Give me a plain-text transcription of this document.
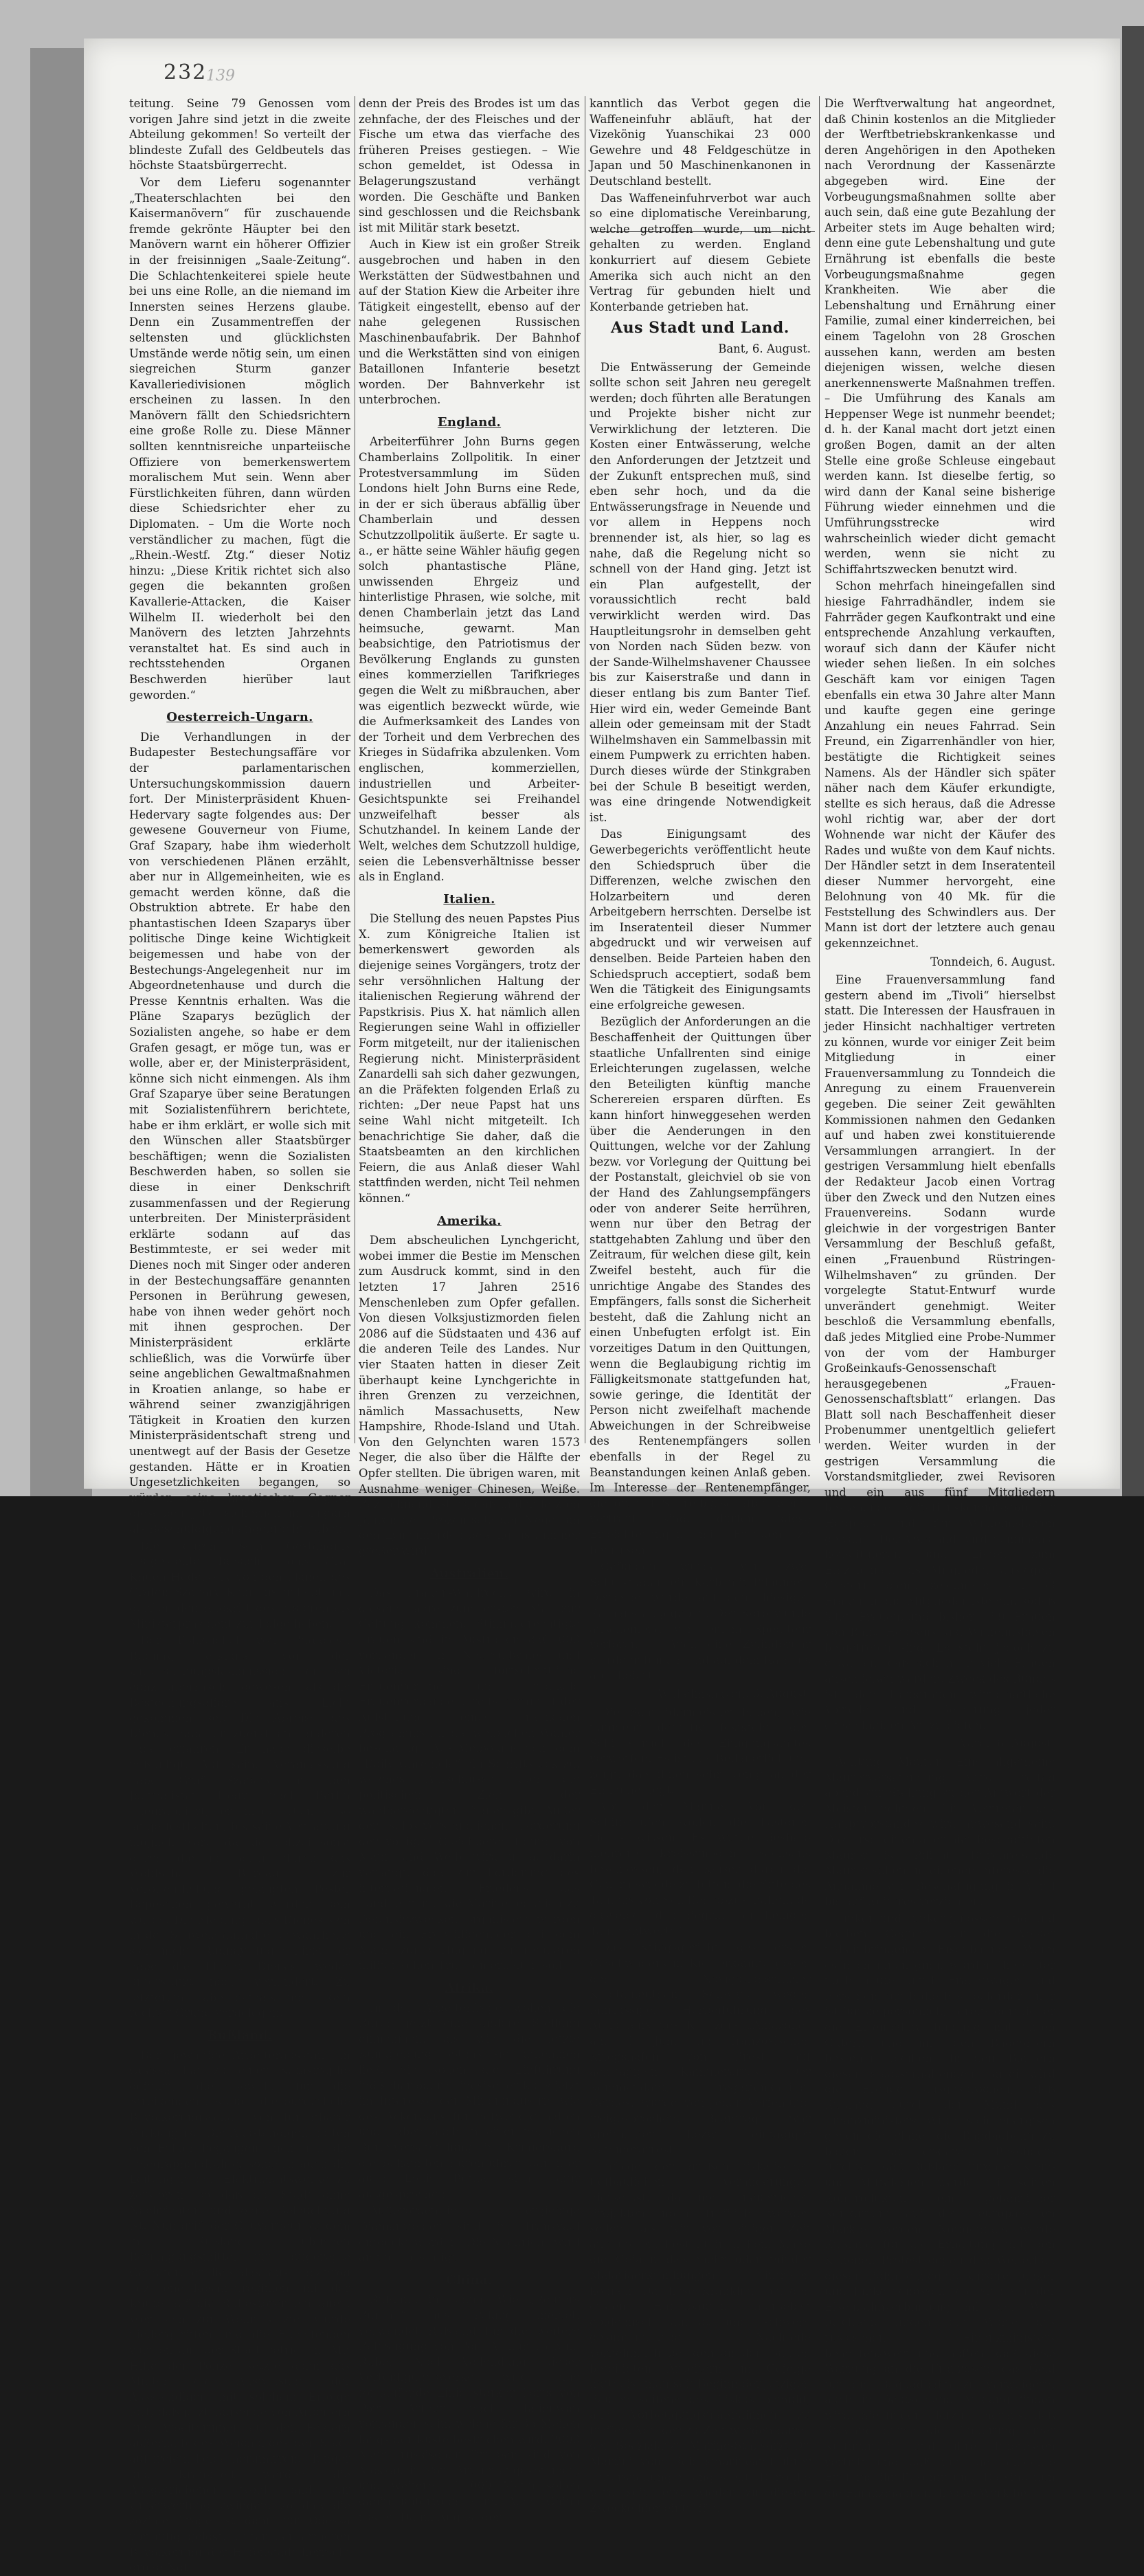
232
139

teitung. Seine 79 Genossen vom vorigen Jahre sind jetzt in die zweite Abteilung gekommen! So verteilt der blindeste Zufall des Geldbeutels das höchste Staatsbürgerrecht.

Vor dem Lieferu sogenannter „Theaterschlachten bei den Kaisermanövern“ für zuschauende fremde gekrönte Häupter bei den Manövern warnt ein höherer Offizier in der freisinnigen „Saale-Zeitung“. Die Schlachtenkeiterei spiele heute bei uns eine Rolle, an die niemand im Innersten seines Herzens glaube. Denn ein Zusammentreffen der seltensten und glücklichsten Umstände werde nötig sein, um einen siegreichen Sturm ganzer Kavalleriedivisionen möglich erscheinen zu lassen. In den Manövern fällt den Schiedsrichtern eine große Rolle zu. Diese Männer sollten kenntnisreiche unparteiische Offiziere von bemerkenswertem moralischem Mut sein. Wenn aber Fürstlichkeiten führen, dann würden diese Schiedsrichter eher zu Diplomaten. – Um die Worte noch verständlicher zu machen, fügt die „Rhein.-Westf. Ztg.“ dieser Notiz hinzu: „Diese Kritik richtet sich also gegen die bekannten großen Kavallerie-Attacken, die Kaiser Wilhelm II. wiederholt bei den Manövern des letzten Jahrzehnts veranstaltet hat. Es sind auch in rechtsstehenden Organen Beschwerden hierüber laut geworden.“

Oesterreich-Ungarn.

Die Verhandlungen in der Budapester Bestechungsaffäre vor der parlamentarischen Untersuchungskommission dauern fort. Der Ministerpräsident Khuen-Hedervary sagte folgendes aus: Der gewesene Gouverneur von Fiume, Graf Szapary, habe ihm wiederholt von verschiedenen Plänen erzählt, aber nur in Allgemeinheiten, wie es gemacht werden könne, daß die Obstruktion abtrete. Er habe den phantastischen Ideen Szaparys über politische Dinge keine Wichtigkeit beigemessen und habe von der Bestechungs-Angelegenheit nur im Abgeordnetenhause und durch die Presse Kenntnis erhalten. Was die Pläne Szaparys bezüglich der Sozialisten angehe, so habe er dem Grafen gesagt, er möge tun, was er wolle, aber er, der Ministerpräsident, könne sich nicht einmengen. Als ihm Graf Szaparye über seine Beratungen mit Sozialistenführern berichtete, habe er ihm erklärt, er wolle sich mit den Wünschen aller Staatsbürger beschäftigen; wenn die Sozialisten Beschwerden haben, so sollen sie diese in einer Denkschrift zusammenfassen und der Regierung unterbreiten. Der Ministerpräsident erklärte sodann auf das Bestimmteste, er sei weder mit Dienes noch mit Singer oder anderen in der Bestechungsaffäre genannten Personen in Berührung gewesen, habe von ihnen weder gehört noch mit ihnen gesprochen. Der Ministerpräsident erklärte schließlich, was die Vorwürfe über seine angeblichen Gewaltmaßnahmen in Kroatien anlange, so habe er während seiner zwanzigjährigen Tätigkeit in Kroatien den kurzen Ministerpräsidentschaft streng und unentwegt auf der Basis der Gesetze gestanden. Hätte er in Kroatien Ungesetzlichkeiten begangen, so würden seine kroatischen Gegner dieselben jetzt sicherlich in Ungarn als Beschuldigung angebracht haben.

Die durch sein Geständnis festgestellte Tatsache, daß Graf Khuen Hedervary von den Plänen des Grafen Szapary Kenntnis gehabt hat, dürften den Rückritt des ersteren als Ministerpräsident zur Folge haben.

Der Polizeichef von Budapest, Rudnay, erklärte vor der Untersuchungskommission, er sei ganz überrascht gewesen, als die Bestechungsaffäre ans Licht gekommen sei. Die Abreise des Dienes habe er zuerst am anderen Tage erfahren. Er habe dieselbe mißbilligt. Auf seine Veranlassung habe Graf Szapary an den Journalisten Hegyi nach Berlin telegraphiert, er möge Dienes so lange festhalten, bis seine Verhaftung möglich wäre, da die Polizei sonst durch die in Berlin durch das Wolffsche Bureau zur Veröffentlichung gelangten Pester Depeschen gewarnt worden sein würde. Die Meldung, daß Dienes sich in der Schweiz aufhalte, bewahrheite sich nicht. Rudnay fügte hinzu, er habe die Flucht Dienes' weder unterstützt noch verhindert. Zu letzterem habe damals noch kein rechter Grund vorgelegen.

Rußland.

Der gewaltige Arbeiterausstand in Odessa hat zu einer Katastrophe geführt, die sowohl für die Streikenden als auch die bürgerliche Bevölkerungsschaft von furchtbarer Wirkung ist. Die Ausständigen hatten den Fehler begangen, nicht nur die Telegraphendrähte, sondern auch die Leitungen der Elektrizitätswerke zu zerstören, so daß die Stadt ohne Nachrichten und ohne Beleuchtung ist. Nun griff der Gouverneur zu dem in Rußland üblichen Beruhigungsmittel für aufgeregte Gemüter: er ließ das aus Taganrog bezogene Kosakenregiment mit der Knute auf die Ruhestörer einhauen. Wer sich zur Wehr setzte, wurde niedergeritten und die Flüchtenden wurden aus der Stadt getrieben. Mit Hilfe der Polizei setzte dann das Militär die Ausweisung der Ausständigen mit solchem Erfolge fort, daß jetzt Tausende von Arbeitern und Arbeiterinnen auf den Feldern außerhalb des Weichbildes der Stadt auf freiem Felde herumirren. Hunger und Krankheit werden die Ausgetriebenen wohl bald zur Unterwerfung zwingen, so daß die soziale Frage ist dann für Odessa vorläufig gelöst. Unter der ärmeren Bevölkerung der Hafenstadt herrscht große Not,

denn der Preis des Brodes ist um das zehnfache, der des Fleisches und der Fische um etwa das vierfache des früheren Preises gestiegen. – Wie schon gemeldet, ist Odessa in Belagerungszustand verhängt worden. Die Geschäfte und Banken sind geschlossen und die Reichsbank ist mit Militär stark besetzt.

Auch in Kiew ist ein großer Streik ausgebrochen und haben in den Werkstätten der Südwestbahnen und auf der Station Kiew die Arbeiter ihre Tätigkeit eingestellt, ebenso auf der nahe gelegenen Russischen Maschinenbaufabrik. Der Bahnhof und die Werkstätten sind von einigen Bataillonen Infanterie besetzt worden. Der Bahnverkehr ist unterbrochen.

England.

Arbeiterführer John Burns gegen Chamberlains Zollpolitik. In einer Protestversammlung im Süden Londons hielt John Burns eine Rede, in der er sich überaus abfällig über Chamberlain und dessen Schutzzollpolitik äußerte. Er sagte u. a., er hätte seine Wähler häufig gegen solch phantastische Pläne, unwissenden Ehrgeiz und hinterlistige Phrasen, wie solche, mit denen Chamberlain jetzt das Land heimsuche, gewarnt. Man beabsichtige, den Patriotismus der Bevölkerung Englands zu gunsten eines kommerziellen Tarifkrieges gegen die Welt zu mißbrauchen, aber was eigentlich bezweckt würde, wie die Aufmerksamkeit des Landes von der Torheit und dem Verbrechen des Krieges in Südafrika abzulenken. Vom englischen, kommerziellen, industriellen und Arbeiter-Gesichtspunkte sei Freihandel unzweifelhaft besser als Schutzhandel. In keinem Lande der Welt, welches dem Schutzzoll huldige, seien die Lebensverhältnisse besser als in England.

Italien.

Die Stellung des neuen Papstes Pius X. zum Königreiche Italien ist bemerkenswert geworden als diejenige seines Vorgängers, trotz der sehr versöhnlichen Haltung der italienischen Regierung während der Papstkrisis. Pius X. hat nämlich allen Regierungen seine Wahl in offizieller Form mitgeteilt, nur der italienischen Regierung nicht. Ministerpräsident Zanardelli sah sich daher gezwungen, an die Präfekten folgenden Erlaß zu richten: „Der neue Papst hat uns seine Wahl nicht mitgeteilt. Ich benachrichtige Sie daher, daß die Staatsbeamten an den kirchlichen Feiern, die aus Anlaß dieser Wahl stattfinden werden, nicht Teil nehmen können.“

Amerika.

Dem abscheulichen Lynchgericht, wobei immer die Bestie im Menschen zum Ausdruck kommt, sind in den letzten 17 Jahren 2516 Menschenleben zum Opfer gefallen. Von diesen Volksjustizmorden fielen 2086 auf die Südstaaten und 436 auf die anderen Teile des Landes. Nur vier Staaten hatten in dieser Zeit überhaupt keine Lynchgerichte in ihren Grenzen zu verzeichnen, nämlich Massachusetts, New Hampshire, Rhode-Island und Utah. Von den Gelynchten waren 1573 Neger, die also über die Hälfte der Opfer stellten. Die übrigen waren, mit Ausnahme weniger Chinesen, Weiße. Bezeichnend ist es, daß in den letzten Jahren der Prozentsatz der Neger an den Lynchmorden beteiligt ist, immer größer wird.

Australien.

Das Frauen-Wahlrecht wird in diesem Jahre zum ersten Mal zur Geltung kommen. Stimmberechtigte Frauen sind in Australien 850 000 vorhanden. In Neu-Südwales und Victoria sind fortschrittliche Frauenvereine und radikale Frauenverbände bereits eifrig mit der Aufstellung eines radikalen Programms für die weiblichen Wähler beschäftigt. Aus Melbourne geht dem „Daily Chronicle“ ein Schriftstück zu, welches Aufschlüsse über die politischen Ziele der wahlberechtigten Frauen gibt. Außer der selbstverständlichen Forderung der völligen Gleichberechtigung von Mann und Weib wird u. a. darin verlangt, daß zur Förderung des internationalen Friedens das Landheer und die Marine lediglich zu Defensivzwecken organisiert werden und ein Freiwilligenheer bei dem Mann zur Verfügung der regulären militärischen Truppen erhalten soll.

Afrika.

In der Arbeiterfrage wollen die Buren jetzt eine andere Stellung einnehmen, als wie die letzte Kundgebung Bothas sie annehmen ließ. Sie sollen die Einführung indischer oder chinesischer Kulis jetzt im Interesse der Minenindustrie wie des Ackerbaus für notwendig halten und haben auch in einer neulichen Burenversammlung in Krügersdorp die bekannten Burenführer, darunter auch Louis Botha, sich dafür ausgesprochen.

Außerordentlich ergiebige Diamantfelder sind in Transvaal entdeckt worden. Die Nachricht wird amtlich bestätigt.

China.

Rußland in China. Wie „Reuters Bureau“ aus Peking meldet, verwendet Rußland für die weitere Befestigung von Port Arthur 13 Mill. Rubel. Nach Vollendung dieser Verteidigungswerke wird eine fortlaufende Linie starker Forts von Port Arthur nach Talienwan vorhanden sein, welche für 35 Meilen längs der Küste bestrichen wird. 2000 Mann russischer Truppen sind von Moskau in Port Arthur angekommen, und weitere 14 000 Mann sollen dahin unterwegs sein. Auch China rüstet. Da im August der

kanntlich das Verbot gegen die Waffeneinfuhr abläuft, hat der Vizekönig Yuanschikai 23 000 Gewehre und 48 Feldgeschütze in Japan und 50 Maschinenkanonen in Deutschland bestellt.

Das Waffeneinfuhrverbot war auch so eine diplomatische Vereinbarung, welche getroffen wurde, um nicht gehalten zu werden. England konkurriert auf diesem Gebiete Amerika sich auch nicht an den Vertrag für gebunden hielt und Konterbande getrieben hat.

Aus Stadt und Land.
Bant, 6. August.

Die Entwässerung der Gemeinde sollte schon seit Jahren neu geregelt werden; doch führten alle Beratungen und Projekte bisher nicht zur Verwirklichung der letzteren. Die Kosten einer Entwässerung, welche den Anforderungen der Jetztzeit und der Zukunft entsprechen muß, sind eben sehr hoch, und da die Entwässerungsfrage in Neuende und vor allem in Heppens noch brennender ist, als hier, so lag es nahe, daß die Regelung nicht so schnell von der Hand ging. Jetzt ist ein Plan aufgestellt, der voraussichtlich recht bald verwirklicht werden wird. Das Hauptleitungsrohr in demselben geht von Norden nach Süden bezw. von der Sande-Wilhelmshavener Chaussee bis zur Kaiserstraße und dann in dieser entlang bis zum Banter Tief. Hier wird ein, weder Gemeinde Bant allein oder gemeinsam mit der Stadt Wilhelmshaven ein Sammelbassin mit einem Pumpwerk zu errichten haben. Durch dieses würde der Stinkgraben bei der Schule B beseitigt werden, was eine dringende Notwendigkeit ist.

Das Einigungsamt des Gewerbegerichts veröffentlicht heute den Schiedspruch über die Differenzen, welche zwischen den Holzarbeitern und deren Arbeitgebern herrschten. Derselbe ist im Inseratenteil dieser Nummer abgedruckt und wir verweisen auf denselben. Beide Parteien haben den Schiedspruch acceptiert, sodaß bem Wen die Tätigkeit des Einigungsamts eine erfolgreiche gewesen.

Bezüglich der Anforderungen an die Beschaffenheit der Quittungen über staatliche Unfallrenten sind einige Erleichterungen zugelassen, welche den Beteiligten künftig manche Scherereien ersparen dürften. Es kann hinfort hinweggesehen werden über die Aenderungen in den Quittungen, welche vor der Zahlung bezw. vor Vorlegung der Quittung bei der Postanstalt, gleichviel ob sie von der Hand des Zahlungsempfängers oder von anderer Seite herrühren, wenn nur über den Betrag der stattgehabten Zahlung und über den Zeitraum, für welchen diese gilt, kein Zweifel besteht, auch für die unrichtige Angabe des Standes des Empfängers, falls sonst die Sicherheit besteht, daß die Zahlung nicht an einen Unbefugten erfolgt ist. Ein vorzeitiges Datum in den Quittungen, wenn die Beglaubigung richtig im Fälligkeitsmonate stattgefunden hat, sowie geringe, die Identität der Person nicht zweifelhaft machende Abweichungen in der Schreibweise des Rentenempfängers sollen ebenfalls in der Regel zu Beanstandungen keinen Anlaß geben. Im Interesse der Rentenempfänger, die oft mit Schreibgeschäften wenig vertraut sind, dürfen diese Erleichterungen mit Freuden zu begrüßen.

Gefunden wurde von zwei Schulknaben ein Korb mit Pflaumen. Derselbe wurde auf dem hiesigen Rathaus abgegeben. Der Korb wurde anscheinend von einem Spediteur verloren. – Auch eine Zylinderuhr wurde gefunden und auf dem Rathaus abgeliefert.

Wilhelmshaven, 6. August.

Die Schneidermeister haben, wie nunmehr definitiv feststeht, den Schiedspruch des Einigungsamtes verworfen. Es ist das Bedauerlich und zeigt, daß ihnen sehr wenig an der Einigung liegt.

Von der Marine. Von den Schiffstaufen wollen die Pastoren nichts wissen. Es wurde deshalb mehrere Kreissynoden Sachsens beschlossen, den Kaiser durch die Generalsynode zu bitten, die Sitte des Taufens von Schiffen abzuschaffen, da dasselbe „den Begriff der heiligen Taufe entwerte“.

Das Kriegsgericht des ersten Geschwaders in Kiel erkannte gegen den Navigationsoffizier Kapitänleutnant Schwade wegen fahrlässiger Herbeiführung des Auflaufens des Kreuzers „Amazone“ am 1 Juni im französischen Kriegshafen von Brest auf achttägigen Kammerarrest. Der Kommandant, Fregattenkapitän Gerdes, wurde von jeder Verfehlung freigesprochen. Beantragt war dreitägiger bezw. eintägiger Kammerarrest.

Infolge der großen fiskalischen tiefbaulichen Veränderungen hierselbst, da noch neuerlichen Projekten noch trefflich werden sollen, als wir vor einiger Zeit andeuteten, besteht in hohem Maße die Gefahr, daß mehr oder minder Malariaerkrankungen eintreten können. Da diese Krankheit bei den ersten Hafenbauten hierselbst epidemisch auftrat und schwere gesundheitliche Nachteile vornehmlich bei den an den Bauten beteiligten Arbeitern im Gefolge hatte, ist man seit Beginn der jetzigen Bauten seitens des Fiskus bemüht, alle Vorbeugungsmaßnahmen zu treffen. Von der zu Zeit werden durch den Spezialarzt, Marine-Stabsarzt Dr. Martini vom Reichsmarineamt ihrer Untersuchungen angestellt. Derselbe wird seit jetzt wieder zu diesem Zwecke hier eintreffen.

Die Werftverwaltung hat angeordnet, daß Chinin kostenlos an die Mitglieder der Werftbetriebskrankenkasse und deren Angehörigen in den Apotheken nach Verordnung der Kassenärzte abgegeben wird. Eine der Vorbeugungsmaßnahmen sollte aber auch sein, daß eine gute Bezahlung der Arbeiter stets im Auge behalten wird; denn eine gute Lebenshaltung und gute Ernährung ist ebenfalls die beste Vorbeugungsmaßnahme gegen Krankheiten. Wie aber die Lebenshaltung und Ernährung einer Familie, zumal einer kinderreichen, bei einem Tagelohn von 28 Groschen aussehen kann, werden am besten diejenigen wissen, welche diesen anerkennenswerte Maßnahmen treffen. – Die Umführung des Kanals am Heppenser Wege ist nunmehr beendet; d. h. der Kanal macht dort jetzt einen großen Bogen, damit an der alten Stelle eine große Schleuse eingebaut werden kann. Ist dieselbe fertig, so wird dann der Kanal seine bisherige Führung wieder einnehmen und die Umführungsstrecke wird wahrscheinlich wieder dicht gemacht werden, wenn sie nicht zu Schiffahrtszwecken benutzt wird.

Schon mehrfach hineingefallen sind hiesige Fahrradhändler, indem sie Fahrräder gegen Kaufkontrakt und eine entsprechende Anzahlung verkauften, worauf sich dann der Käufer nicht wieder sehen ließen. In ein solches Geschäft kam vor einigen Tagen ebenfalls ein etwa 30 Jahre alter Mann und kaufte gegen eine geringe Anzahlung ein neues Fahrrad. Sein Freund, ein Zigarrenhändler von hier, bestätigte die Richtigkeit seines Namens. Als der Händler sich später näher nach dem Käufer erkundigte, stellte es sich heraus, daß die Adresse wohl richtig war, aber der dort Wohnende war nicht der Käufer des Rades und wußte von dem Kauf nichts. Der Händler setzt in dem Inseratenteil dieser Nummer hervorgeht, eine Belohnung von 40 Mk. für die Feststellung des Schwindlers aus. Der Mann ist dort der letztere auch genau gekennzeichnet.

Tonndeich, 6. August.

Eine Frauenversammlung fand gestern abend im „Tivoli“ hierselbst statt. Die Interessen der Hausfrauen in jeder Hinsicht nachhaltiger vertreten zu können, wurde vor einiger Zeit beim Mitgliedung in einer Frauenversammlung zu Tonndeich die Anregung zu einem Frauenverein gegeben. Die seiner Zeit gewählten Kommissionen nahmen den Gedanken auf und haben zwei konstituierende Versammlungen arrangiert. In der gestrigen Versammlung hielt ebenfalls der Redakteur Jacob einen Vortrag über den Zweck und den Nutzen eines Frauenvereins. Sodann wurde gleichwie in der vorgestrigen Banter Versammlung der Beschluß gefaßt, einen „Frauenbund Rüstringen-Wilhelmshaven“ zu gründen. Der vorgelegte Statut-Entwurf wurde unverändert genehmigt. Weiter beschloß die Versammlung ebenfalls, daß jedes Mitglied eine Probe-Nummer von der vom der Hamburger Großeinkaufs-Genossenschaft herausgegebenen „Frauen-Genossenschaftsblatt“ erlangen. Das Blatt soll nach Beschaffenheit dieser Probenummer unentgeltlich geliefert werden. Weiter wurden in der gestrigen Versammlung die Vorstandsmitglieder, zwei Revisoren und ein aus fünf Mitgliedern bestehende Agitationskommission für Heppens und für Wilhelmshaven gewählt. Der Vorstand wird demnächst konstituieren und Listen zum Einzeichnen als Mitglieder auslegen. Gestern abend zeichneten sich 53 Frauen in die Mitgliederliste ein, sodaß jetzt Frauenbund bisher 159 Frauen von Bant, Heppens und Wilhelmshaven beigetreten sind. Es steht jedoch zu erwarten, daß sich noch viele Frauen anschließen werden. Zweck des Bundes ist, den Hausfrauen wirtschaftliche Vorteile und Belehrung jeder einschlägigen Art zu bieten.

Varel, 6. August.

Achtung, Maurer! Eine allgemeine Maurerversammlung wird Freitag abend zur Stellung zu der Antwort der Meister nehmen. Ein Vertreter des Hauptvorstandes wird anwesend sein. Das Erscheinen aller hier beschäftigten Maurer ist Pflicht. Durchreisende Maurer sollen im eigenen Interesse die Annahme von Beschäftigung in Varel bis auf weiteres verzichten.

Junker und Junkergenossen find und bleiben Gegner der die Völker naheinbringenden Eisenbahnen. Wenn es nach ihnen ging, würden die Güter noch heute durch Frachtwagen und Personen durch die Post befördert, nur ist für sie persönlich, bereits dort lieber die Eisenbahnverbindung mit ihren Gütern und mit den Badeörtern bestehen bleiben. In den Blättern dieser staatserhaltenden Partei wird die Freude ausgesprochen, daß Rußland durch den Mund des Finanzministers Witte sich energisch gegen die Pläne, die Bagdadbahn zu bauen, hat erklären. Besonders fürchtet, daß Rußland fürchtet Klein- und Mittelasien werde mit seinen Rohprodukten ein gefährlicher Konkurrent auf dem europäischen Markte werden. Nötigenfalls werde Rußland für die Erhaltung mit den Kanonen Protest gegen den Weiterbau dieser Bahn einlegen. Unsere Junker und Junkergenossen, die sich vor der Eisenbahnverbindung mit der Welt fürchten, finden die Worte des russischen Finanzministers beachtenswert und hoffen, daß diese Warnung an die Franzosen, das Geld für die Bagdadbahn zu verweigern, auch in Deutschland Anklang finden wird. Sie finden plötzlich heraus, daß Rußland durch die Hinderung einer Kulturarbeit und ihre Interessen vertritt und daß nur die schlechte Erbfeind ihr Busenfreund. Da sind nun die Finanzmänner, die das Werk be-
